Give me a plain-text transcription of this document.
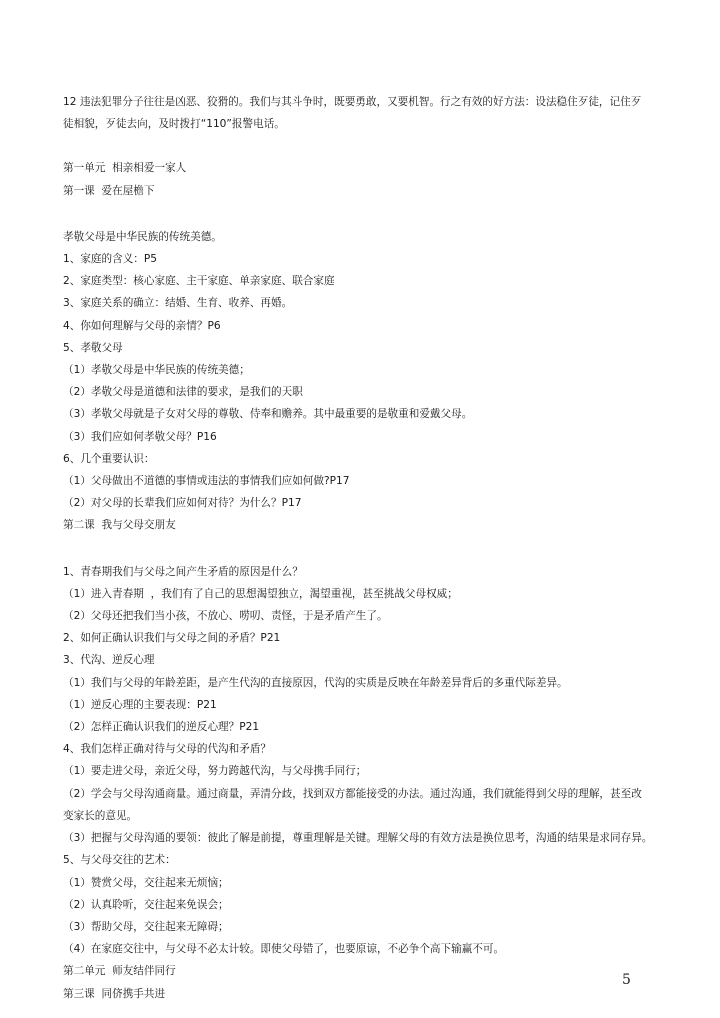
12 违法犯罪分子往往是凶恶、狡猾的。我们与其斗争时，既要勇敢，又要机智。行之有效的好方法：设法稳住歹徒，记住歹

徒相貌，歹徒去向，及时拨打“110”报警电话。

第一单元  相亲相爱一家人

第一课  爱在屋檐下

孝敬父母是中华民族的传统美德。

1、家庭的含义：P5

2、家庭类型：核心家庭、主干家庭、单亲家庭、联合家庭

3、家庭关系的确立：结婚、生育、收养、再婚。

4、你如何理解与父母的亲情？P6

5、孝敬父母

（1）孝敬父母是中华民族的传统美德；

（2）孝敬父母是道德和法律的要求，是我们的天职

（3）孝敬父母就是子女对父母的尊敬、侍奉和赡养。其中最重要的是敬重和爱戴父母。

（3）我们应如何孝敬父母？P16

6、几个重要认识：

（1）父母做出不道德的事情或违法的事情我们应如何做?P17

（2）对父母的长辈我们应如何对待？为什么？P17

第二课  我与父母交朋友

1、青春期我们与父母之间产生矛盾的原因是什么？

（1）进入青春期  ，我们有了自己的思想渴望独立，渴望重视，甚至挑战父母权威；

（2）父母还把我们当小孩，不放心、唠叨、责怪，于是矛盾产生了。

2、如何正确认识我们与父母之间的矛盾？P21

3、代沟、逆反心理

（1）我们与父母的年龄差距，是产生代沟的直接原因，代沟的实质是反映在年龄差异背后的多重代际差异。

（1）逆反心理的主要表现：P21

（2）怎样正确认识我们的逆反心理？P21

4、我们怎样正确对待与父母的代沟和矛盾？

（1）要走进父母，亲近父母，努力跨越代沟，与父母携手同行；

（2）学会与父母沟通商量。通过商量，弄清分歧，找到双方都能接受的办法。通过沟通，我们就能得到父母的理解，甚至改

变家长的意见。

（3）把握与父母沟通的要领：彼此了解是前提，尊重理解是关键。理解父母的有效方法是换位思考，沟通的结果是求同存异。

5、与父母交往的艺术：

（1）赞赏父母，交往起来无烦恼；

（2）认真聆听，交往起来免误会；

（3）帮助父母，交往起来无障碍；

（4）在家庭交往中，与父母不必太计较。即使父母错了，也要原谅，不必争个高下输赢不可。

第二单元  师友结伴同行

第三课  同侪携手共进

5
